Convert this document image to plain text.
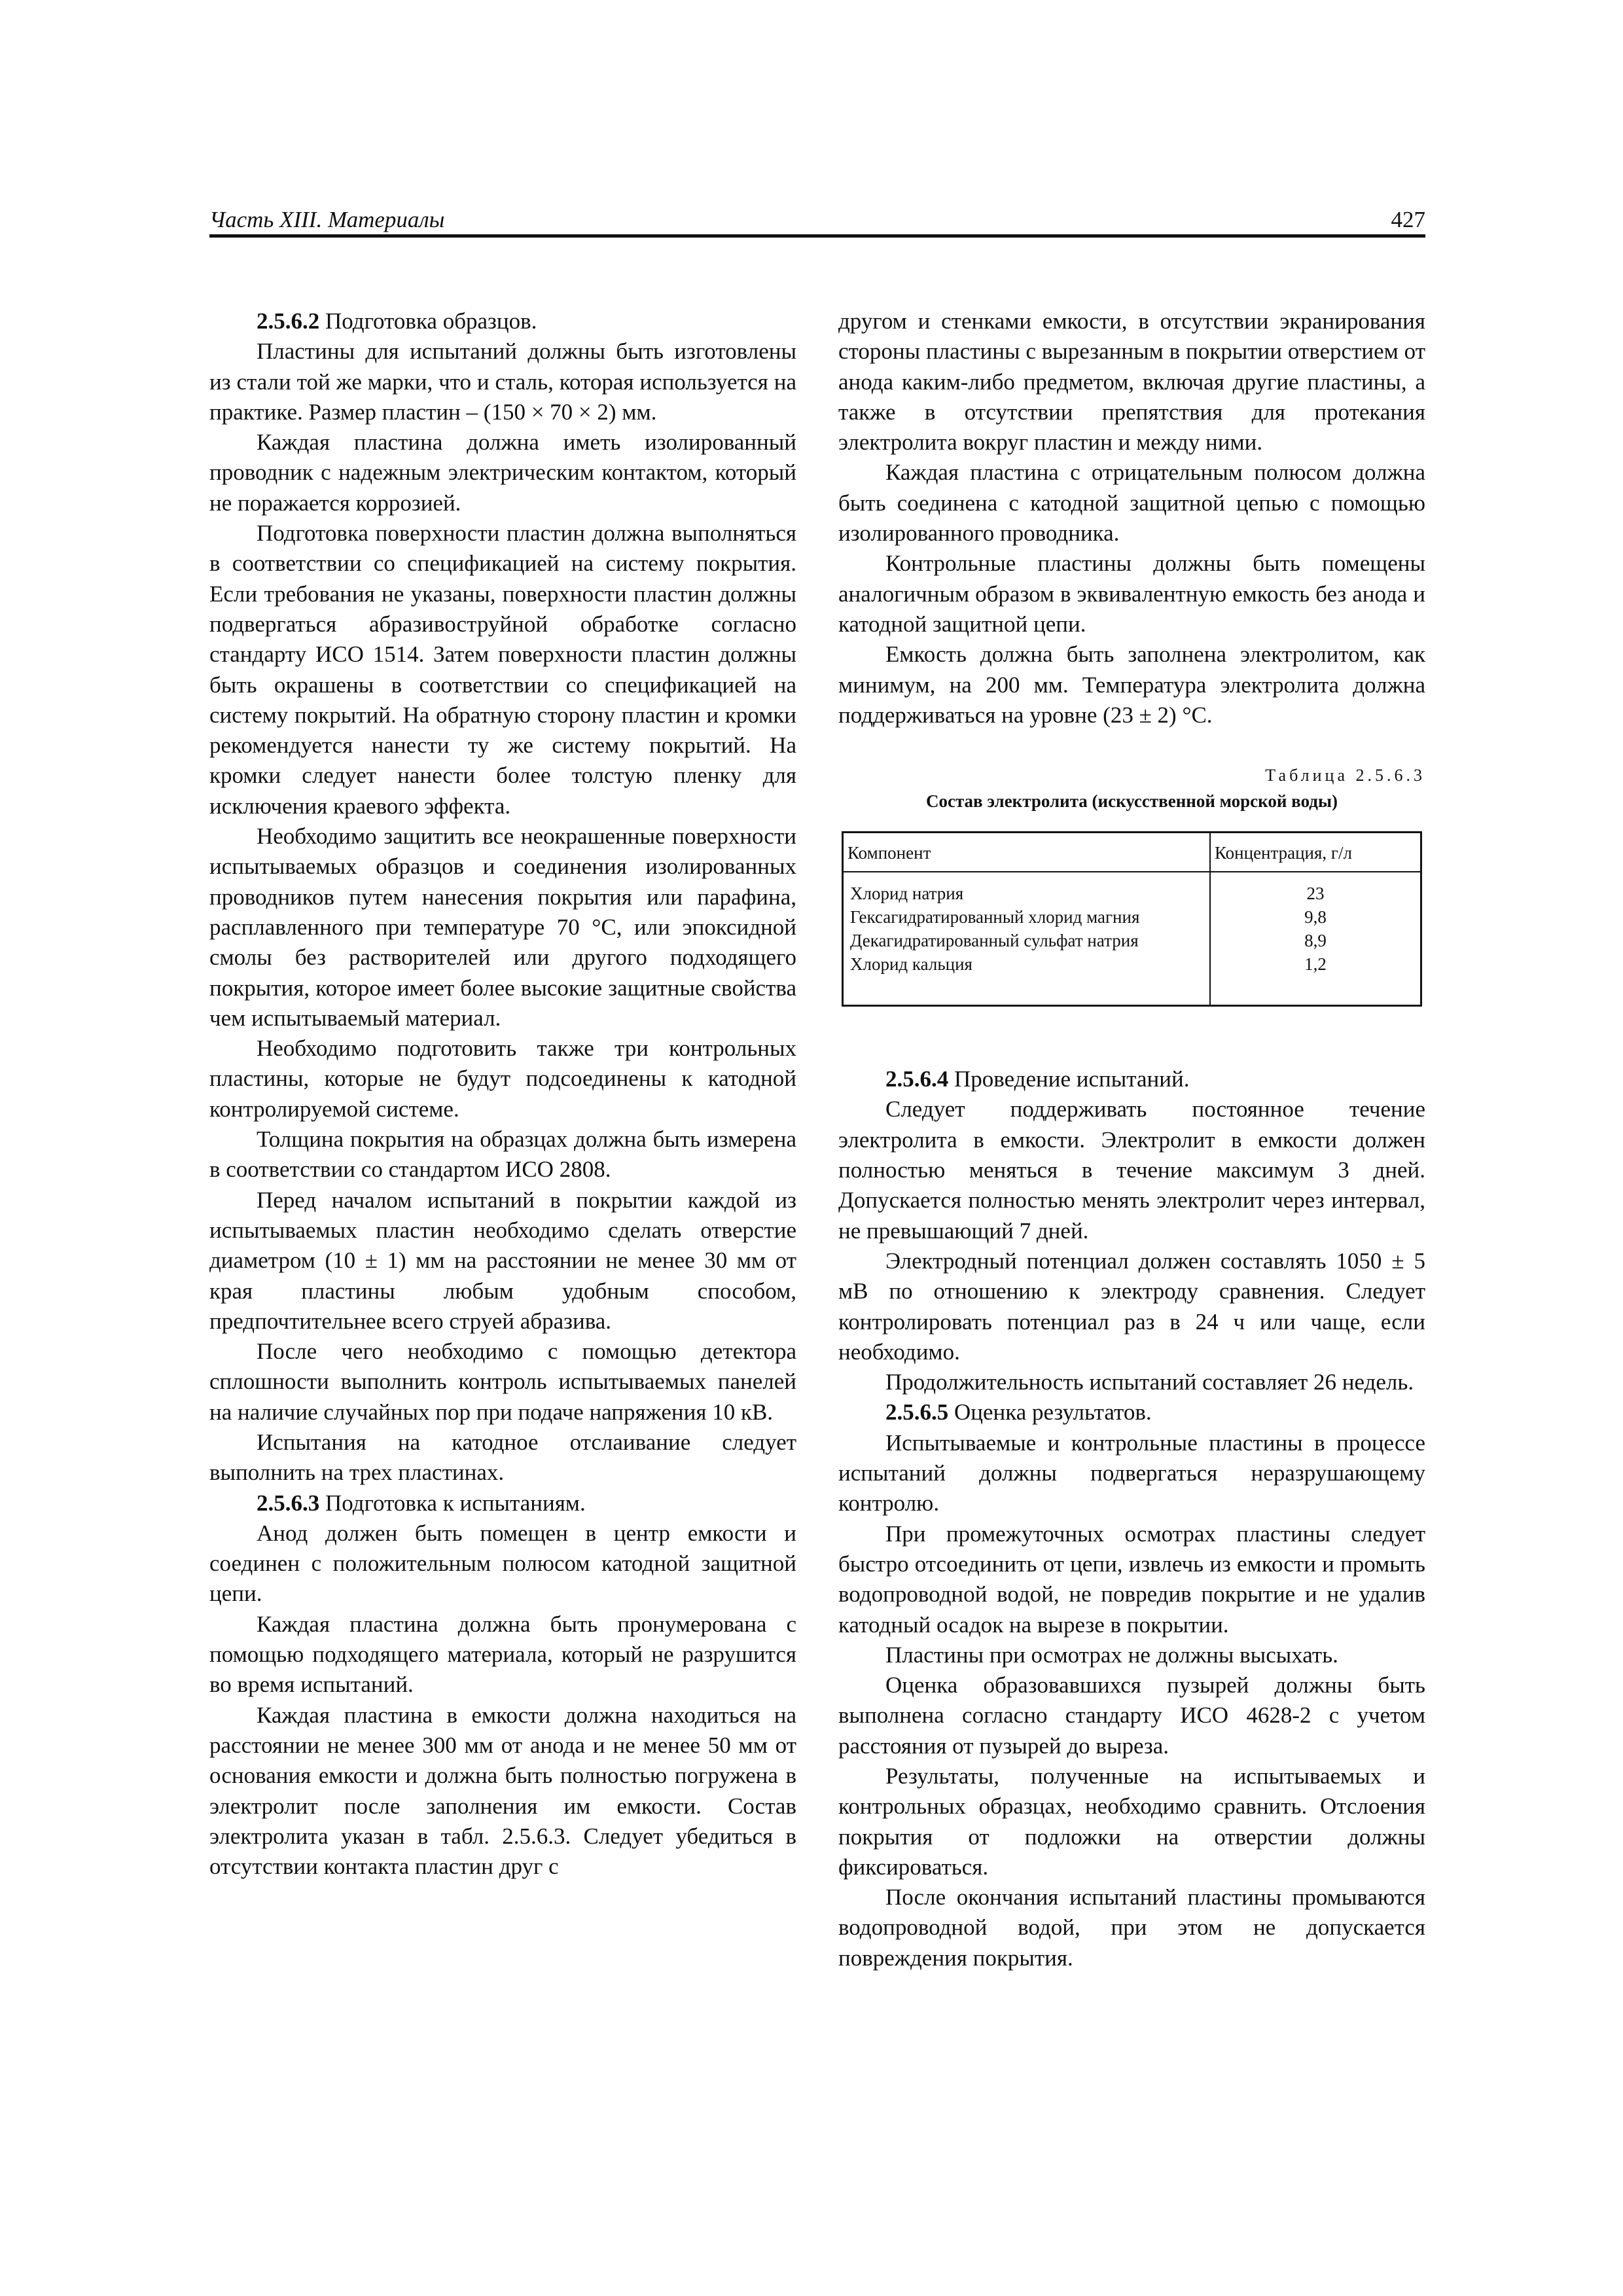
Часть XIII. Материалы	427

2.5.6.2 Подготовка образцов.

Пластины для испытаний должны быть изготовлены из стали той же марки, что и сталь, которая используется на практике. Размер пластин – (150 × 70 × 2) мм.

Каждая пластина должна иметь изолированный проводник с надежным электрическим контактом, который не поражается коррозией.

Подготовка поверхности пластин должна выполняться в соответствии со спецификацией на систему покрытия. Если требования не указаны, поверхности пластин должны подвергаться абразивоструйной обработке согласно стандарту ИСО 1514. Затем поверхности пластин должны быть окрашены в соответствии со спецификацией на систему покрытий. На обратную сторону пластин и кромки рекомендуется нанести ту же систему покрытий. На кромки следует нанести более толстую пленку для исключения краевого эффекта.

Необходимо защитить все неокрашенные поверхности испытываемых образцов и соединения изолированных проводников путем нанесения покрытия или парафина, расплавленного при температуре 70 °С, или эпоксидной смолы без растворителей или другого подходящего покрытия, которое имеет более высокие защитные свойства чем испытываемый материал.

Необходимо подготовить также три контрольных пластины, которые не будут подсоединены к катодной контролируемой системе.

Толщина покрытия на образцах должна быть измерена в соответствии со стандартом ИСО 2808.

Перед началом испытаний в покрытии каждой из испытываемых пластин необходимо сделать отверстие диаметром (10 ± 1) мм на расстоянии не менее 30 мм от края пластины любым удобным способом, предпочтительнее всего струей абразива.

После чего необходимо с помощью детектора сплошности выполнить контроль испытываемых панелей на наличие случайных пор при подаче напряжения 10 кВ.

Испытания на катодное отслаивание следует выполнить на трех пластинах.

2.5.6.3 Подготовка к испытаниям.

Анод должен быть помещен в центр емкости и соединен с положительным полюсом катодной защитной цепи.

Каждая пластина должна быть пронумерована с помощью подходящего материала, который не разрушится во время испытаний.

Каждая пластина в емкости должна находиться на расстоянии не менее 300 мм от анода и не менее 50 мм от основания емкости и должна быть полностью погружена в электролит после заполнения им емкости. Состав электролита указан в табл. 2.5.6.3. Следует убедиться в отсутствии контакта пластин друг с

другом и стенками емкости, в отсутствии экранирования стороны пластины с вырезанным в покрытии отверстием от анода каким-либо предметом, включая другие пластины, а также в отсутствии препятствия для протекания электролита вокруг пластин и между ними.

Каждая пластина с отрицательным полюсом должна быть соединена с катодной защитной цепью с помощью изолированного проводника.

Контрольные пластины должны быть помещены аналогичным образом в эквивалентную емкость без анода и катодной защитной цепи.

Емкость должна быть заполнена электролитом, как минимум, на 200 мм. Температура электролита должна поддерживаться на уровне (23 ± 2) °С.

Таблица 2.5.6.3
Состав электролита (искусственной морской воды)
Компонент	Концентрация, г/л
Хлорид натрия	23
Гексагидратированный хлорид магния	9,8
Декагидратированный сульфат натрия	8,9
Хлорид кальция	1,2

2.5.6.4 Проведение испытаний.

Следует поддерживать постоянное течение электролита в емкости. Электролит в емкости должен полностью меняться в течение максимум 3 дней. Допускается полностью менять электролит через интервал, не превышающий 7 дней.

Электродный потенциал должен составлять 1050 ± 5 мВ по отношению к электроду сравнения. Следует контролировать потенциал раз в 24 ч или чаще, если необходимо.

Продолжительность испытаний составляет 26 недель.

2.5.6.5 Оценка результатов.

Испытываемые и контрольные пластины в процессе испытаний должны подвергаться неразрушающему контролю.

При промежуточных осмотрах пластины следует быстро отсоединить от цепи, извлечь из емкости и промыть водопроводной водой, не повредив покрытие и не удалив катодный осадок на вырезе в покрытии.

Пластины при осмотрах не должны высыхать.

Оценка образовавшихся пузырей должны быть выполнена согласно стандарту ИСО 4628-2 с учетом расстояния от пузырей до выреза.

Результаты, полученные на испытываемых и контрольных образцах, необходимо сравнить. Отслоения покрытия от подложки на отверстии должны фиксироваться.

После окончания испытаний пластины промываются водопроводной водой, при этом не допускается повреждения покрытия.
